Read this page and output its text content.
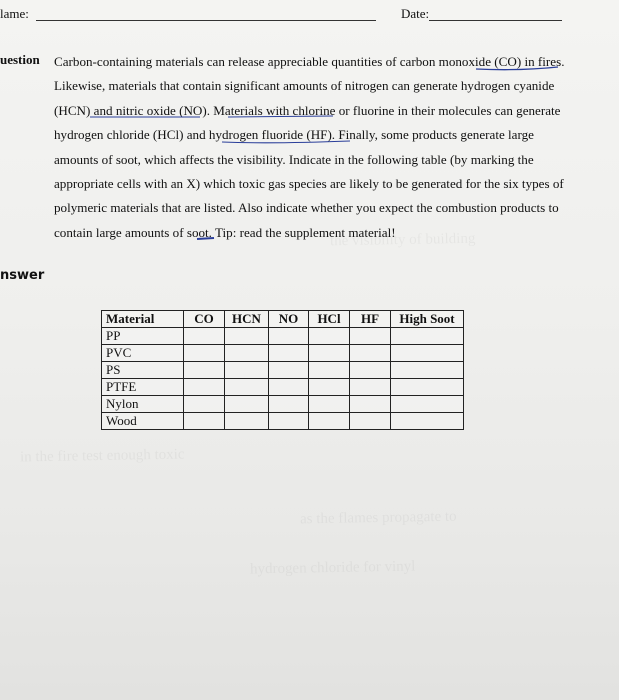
lame:	Date:
uestion Carbon-containing materials can release appreciable quantities of carbon monoxide (CO) in fires.
Likewise, materials that contain significant amounts of nitrogen can generate hydrogen cyanide
(HCN) and nitric oxide (NO). Materials with chlorine or fluorine in their molecules can generate
hydrogen chloride (HCl) and hydrogen fluoride (HF). Finally, some products generate large
amounts of soot, which affects the visibility. Indicate in the following table (by marking the
appropriate cells with an X) which toxic gas species are likely to be generated for the six types of
polymeric materials that are listed. Also indicate whether you expect the combustion products to
contain large amounts of soot. Tip: read the supplement material!
nswer
Material	CO	HCN	NO	HCl	HF	High Soot
PP						
PVC						
PS						
PTFE						
Nylon						
Wood						
